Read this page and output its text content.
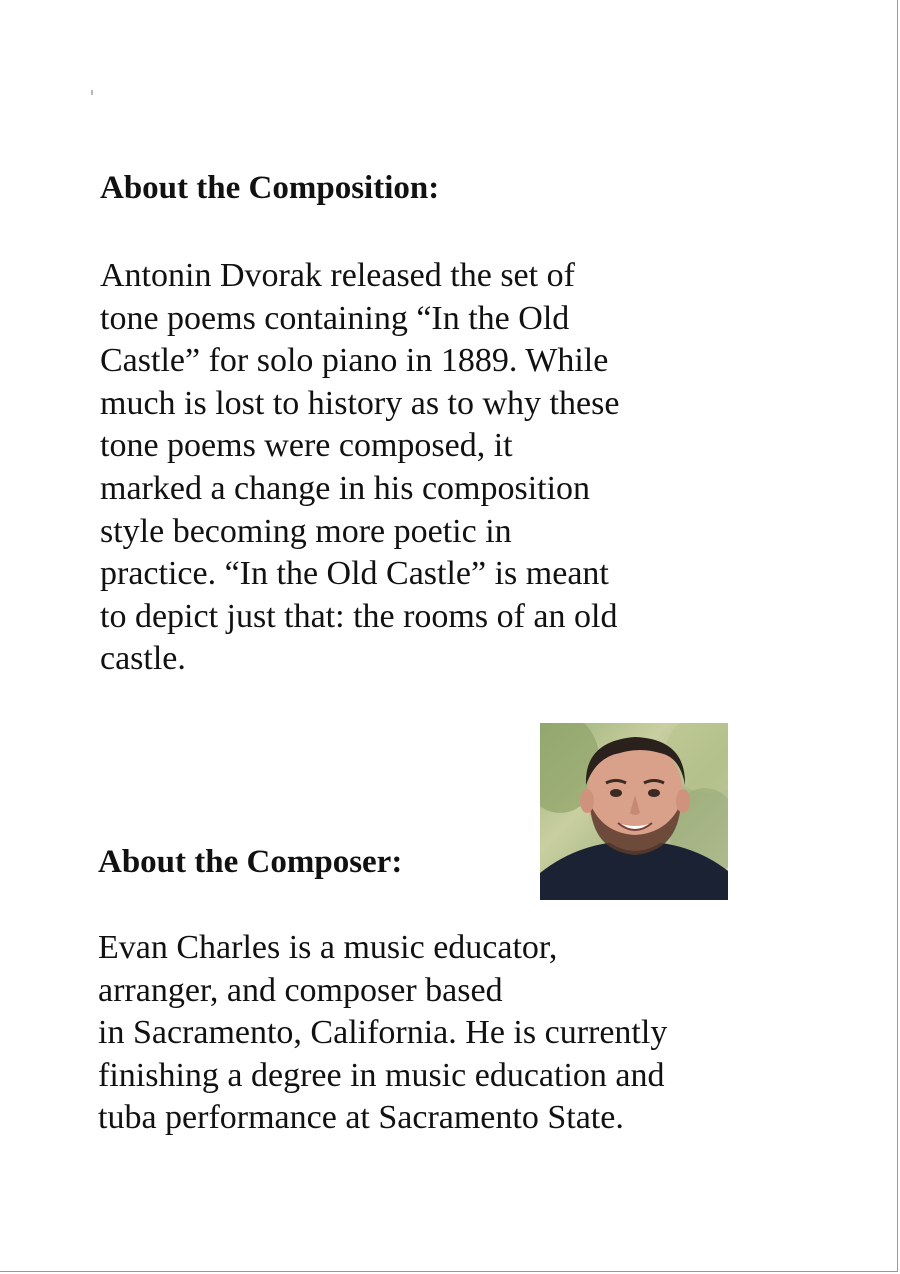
About the Composition:

Antonin Dvorak released the set of
tone poems containing “In the Old
Castle” for solo piano in 1889. While
much is lost to history as to why these
tone poems were composed, it
marked a change in his composition
style becoming more poetic in
practice. “In the Old Castle” is meant
to depict just that: the rooms of an old
castle.

About the Composer:

Evan Charles is a music educator,
arranger, and composer based
in Sacramento, California. He is currently
finishing a degree in music education and
tuba performance at Sacramento State.
